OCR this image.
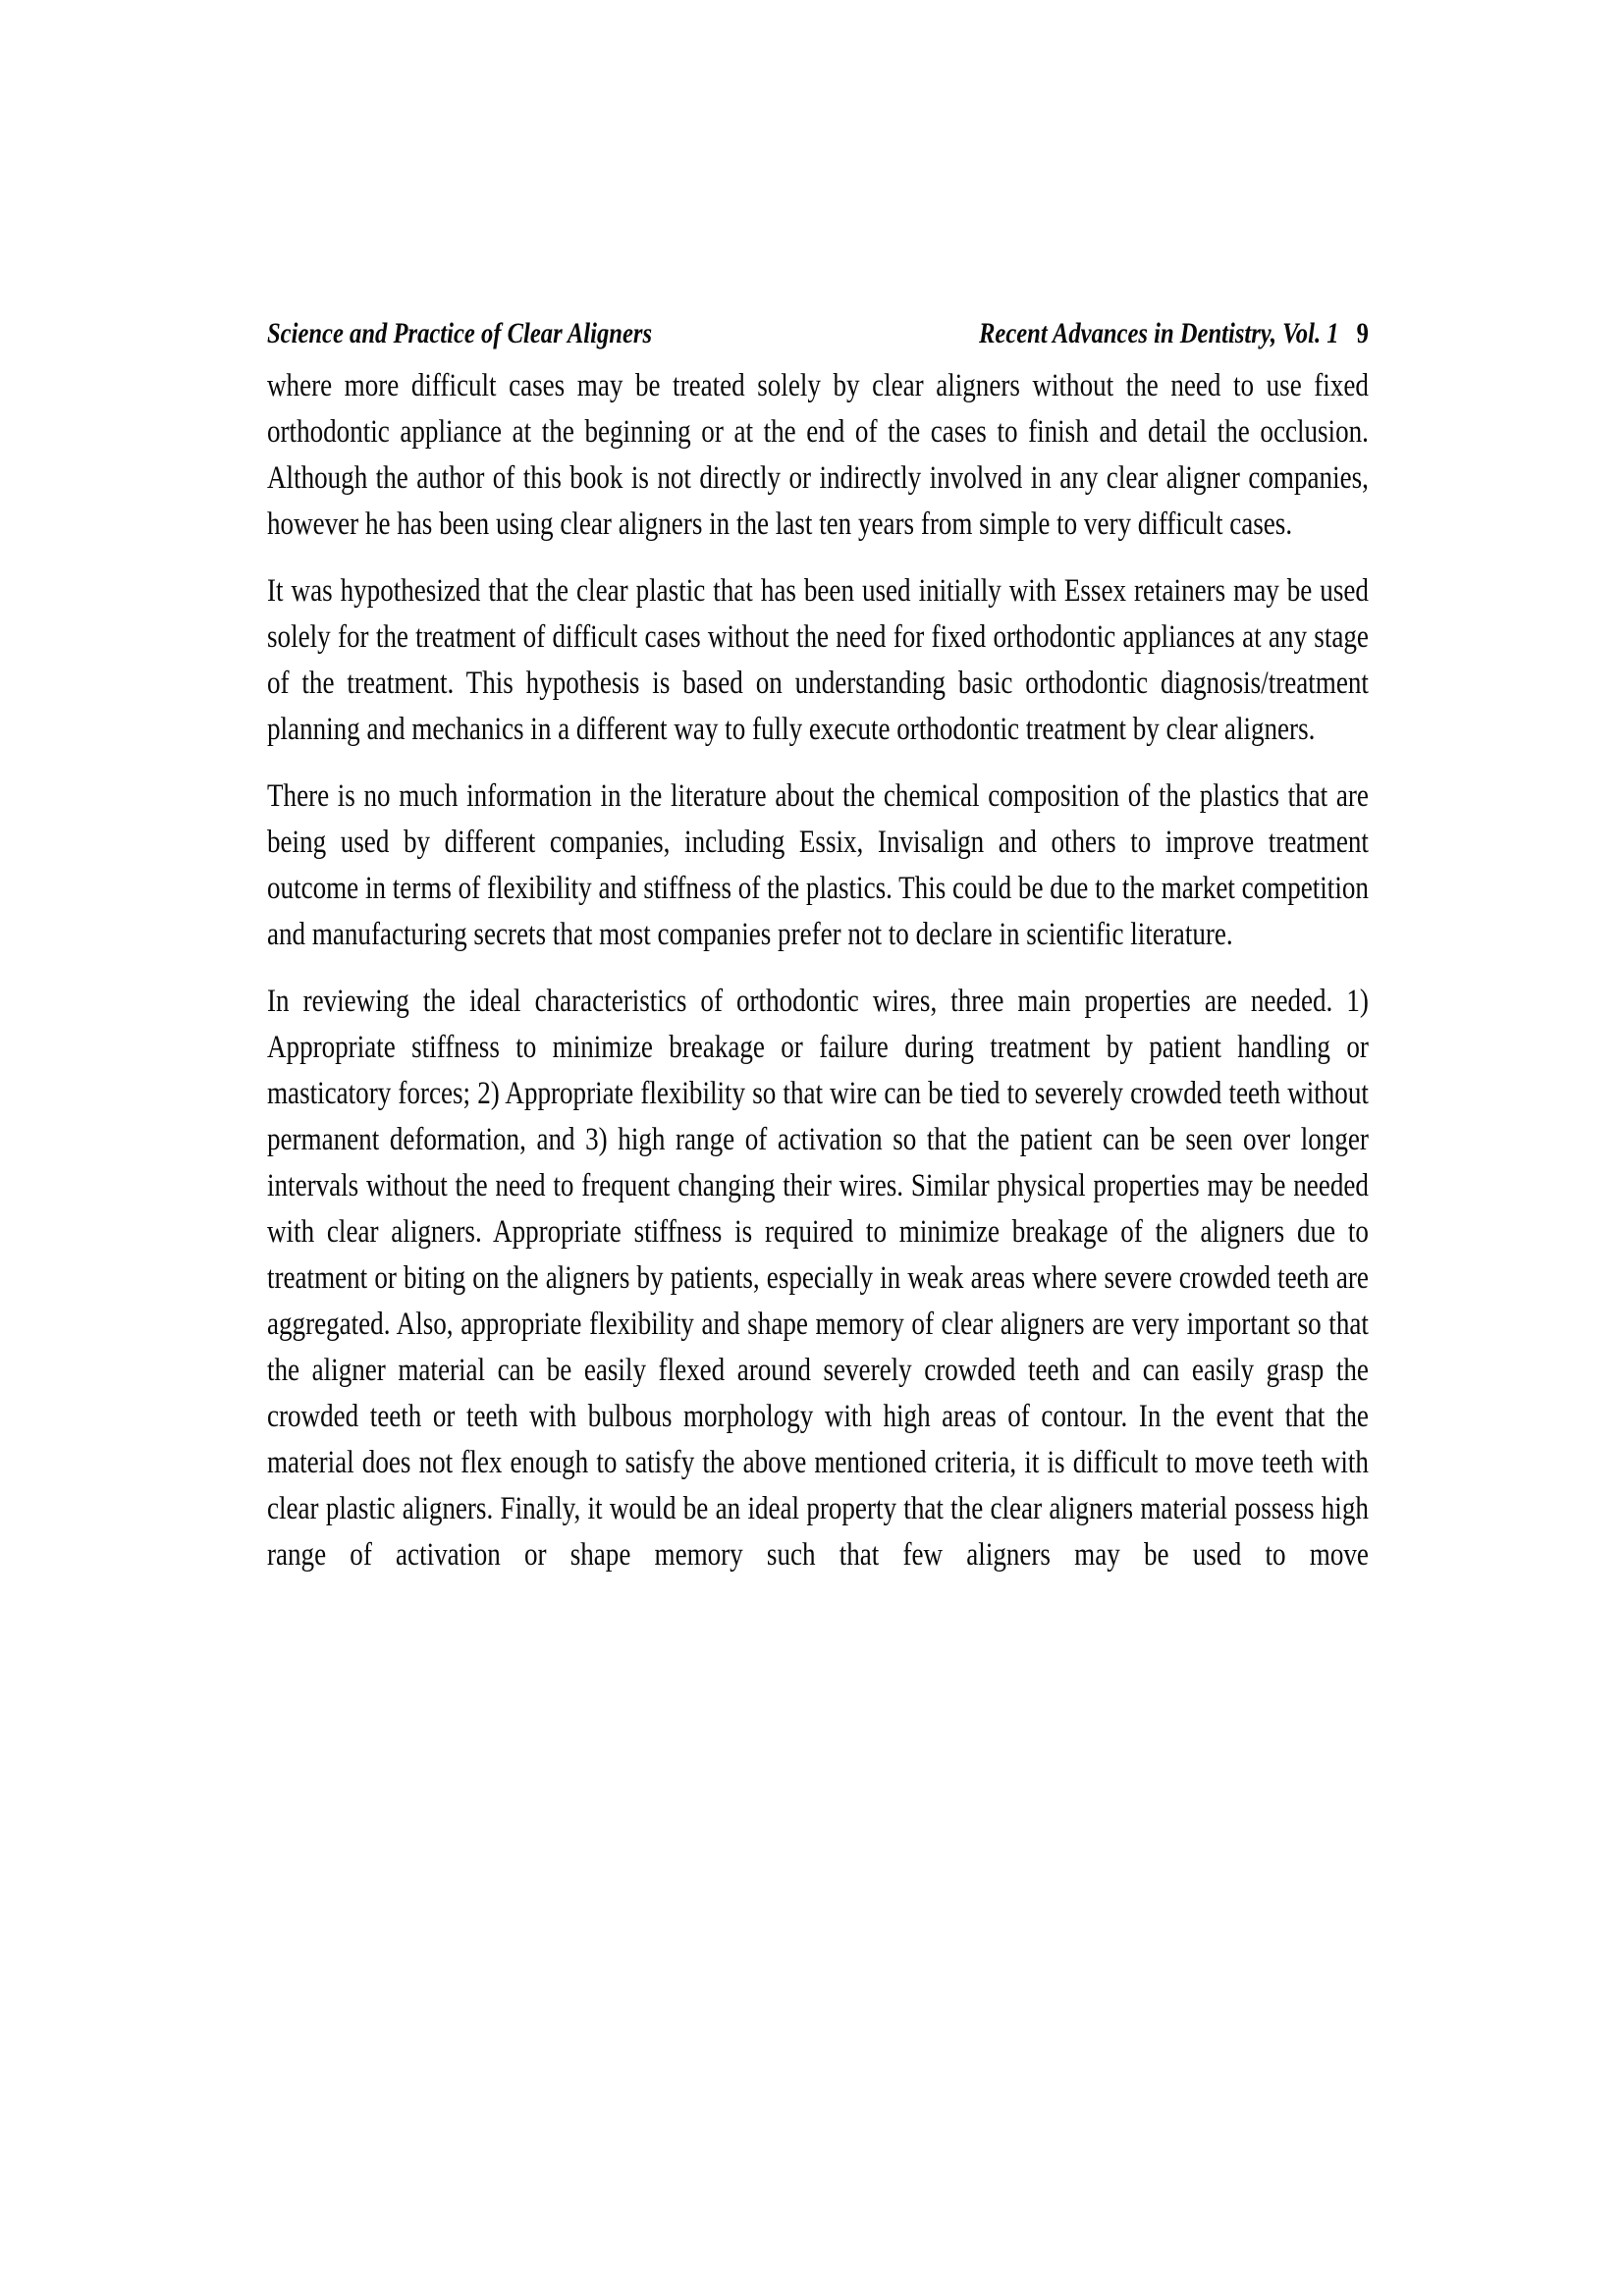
Science and Practice of Clear Aligners	Recent Advances in Dentistry, Vol. 1 9

where more difficult cases may be treated solely by clear aligners without the need to use fixed orthodontic appliance at the beginning or at the end of the cases to finish and detail the occlusion. Although the author of this book is not directly or indirectly involved in any clear aligner companies, however he has been using clear aligners in the last ten years from simple to very difficult cases.

It was hypothesized that the clear plastic that has been used initially with Essex retainers may be used solely for the treatment of difficult cases without the need for fixed orthodontic appliances at any stage of the treatment. This hypothesis is based on understanding basic orthodontic diagnosis/treatment planning and mechanics in a different way to fully execute orthodontic treatment by clear aligners.

There is no much information in the literature about the chemical composition of the plastics that are being used by different companies, including Essix, Invisalign and others to improve treatment outcome in terms of flexibility and stiffness of the plastics. This could be due to the market competition and manufacturing secrets that most companies prefer not to declare in scientific literature.

In reviewing the ideal characteristics of orthodontic wires, three main properties are needed. 1) Appropriate stiffness to minimize breakage or failure during treatment by patient handling or masticatory forces; 2) Appropriate flexibility so that wire can be tied to severely crowded teeth without permanent deformation, and 3) high range of activation so that the patient can be seen over longer intervals without the need to frequent changing their wires. Similar physical properties may be needed with clear aligners. Appropriate stiffness is required to minimize breakage of the aligners due to treatment or biting on the aligners by patients, especially in weak areas where severe crowded teeth are aggregated. Also, appropriate flexibility and shape memory of clear aligners are very important so that the aligner material can be easily flexed around severely crowded teeth and can easily grasp the crowded teeth or teeth with bulbous morphology with high areas of contour. In the event that the material does not flex enough to satisfy the above mentioned criteria, it is difficult to move teeth with clear plastic aligners. Finally, it would be an ideal property that the clear aligners material possess high range of activation or shape memory such that few aligners may be used to move
